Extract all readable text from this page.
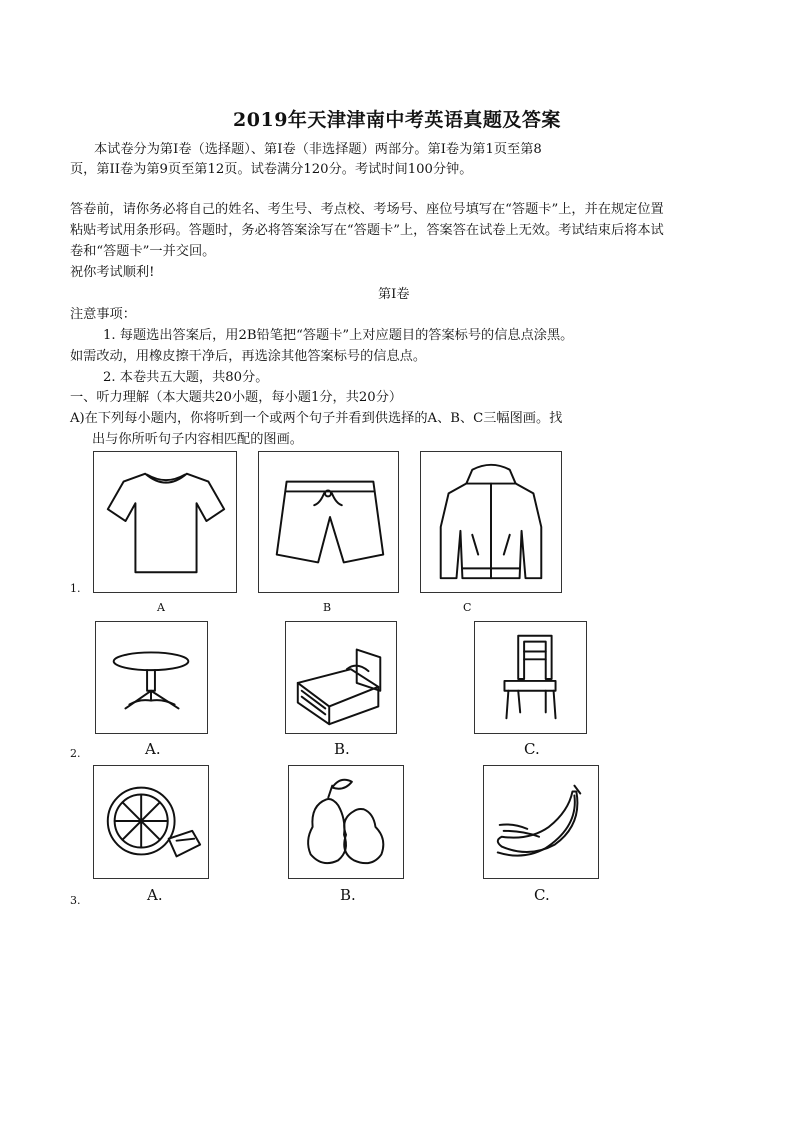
2019年天津津南中考英语真题及答案
本试卷分为第I卷（选择题）、第I卷（非选择题）两部分。第I卷为第1页至第8
页，第II卷为第9页至第12页。试卷满分120分。考试时间100分钟。
答卷前，请你务必将自己的姓名、考生号、考点校、考场号、座位号填写在“答题卡”上，并在规定位置
粘贴考试用条形码。答题时，务必将答案涂写在“答题卡”上，答案答在试卷上无效。考试结束后将本试
卷和“答题卡”一并交回。
祝你考试顺利!
第I卷
注意事项：
1. 每题选出答案后，用2B铅笔把“答题卡”上对应题目的答案标号的信息点涂黑。
如需改动，用橡皮擦干净后，再选涂其他答案标号的信息点。
2. 本卷共五大题，共80分。
一、听力理解（本大题共20小题，每小题1分，共20分）
A)在下列每小题内，你将听到一个或两个句子并看到供选择的A、B、C三幅图画。找
出与你所听句子内容相匹配的图画。
1.
A	B	C
2.	A.	B.	C.
3.	A.	B.	C.
